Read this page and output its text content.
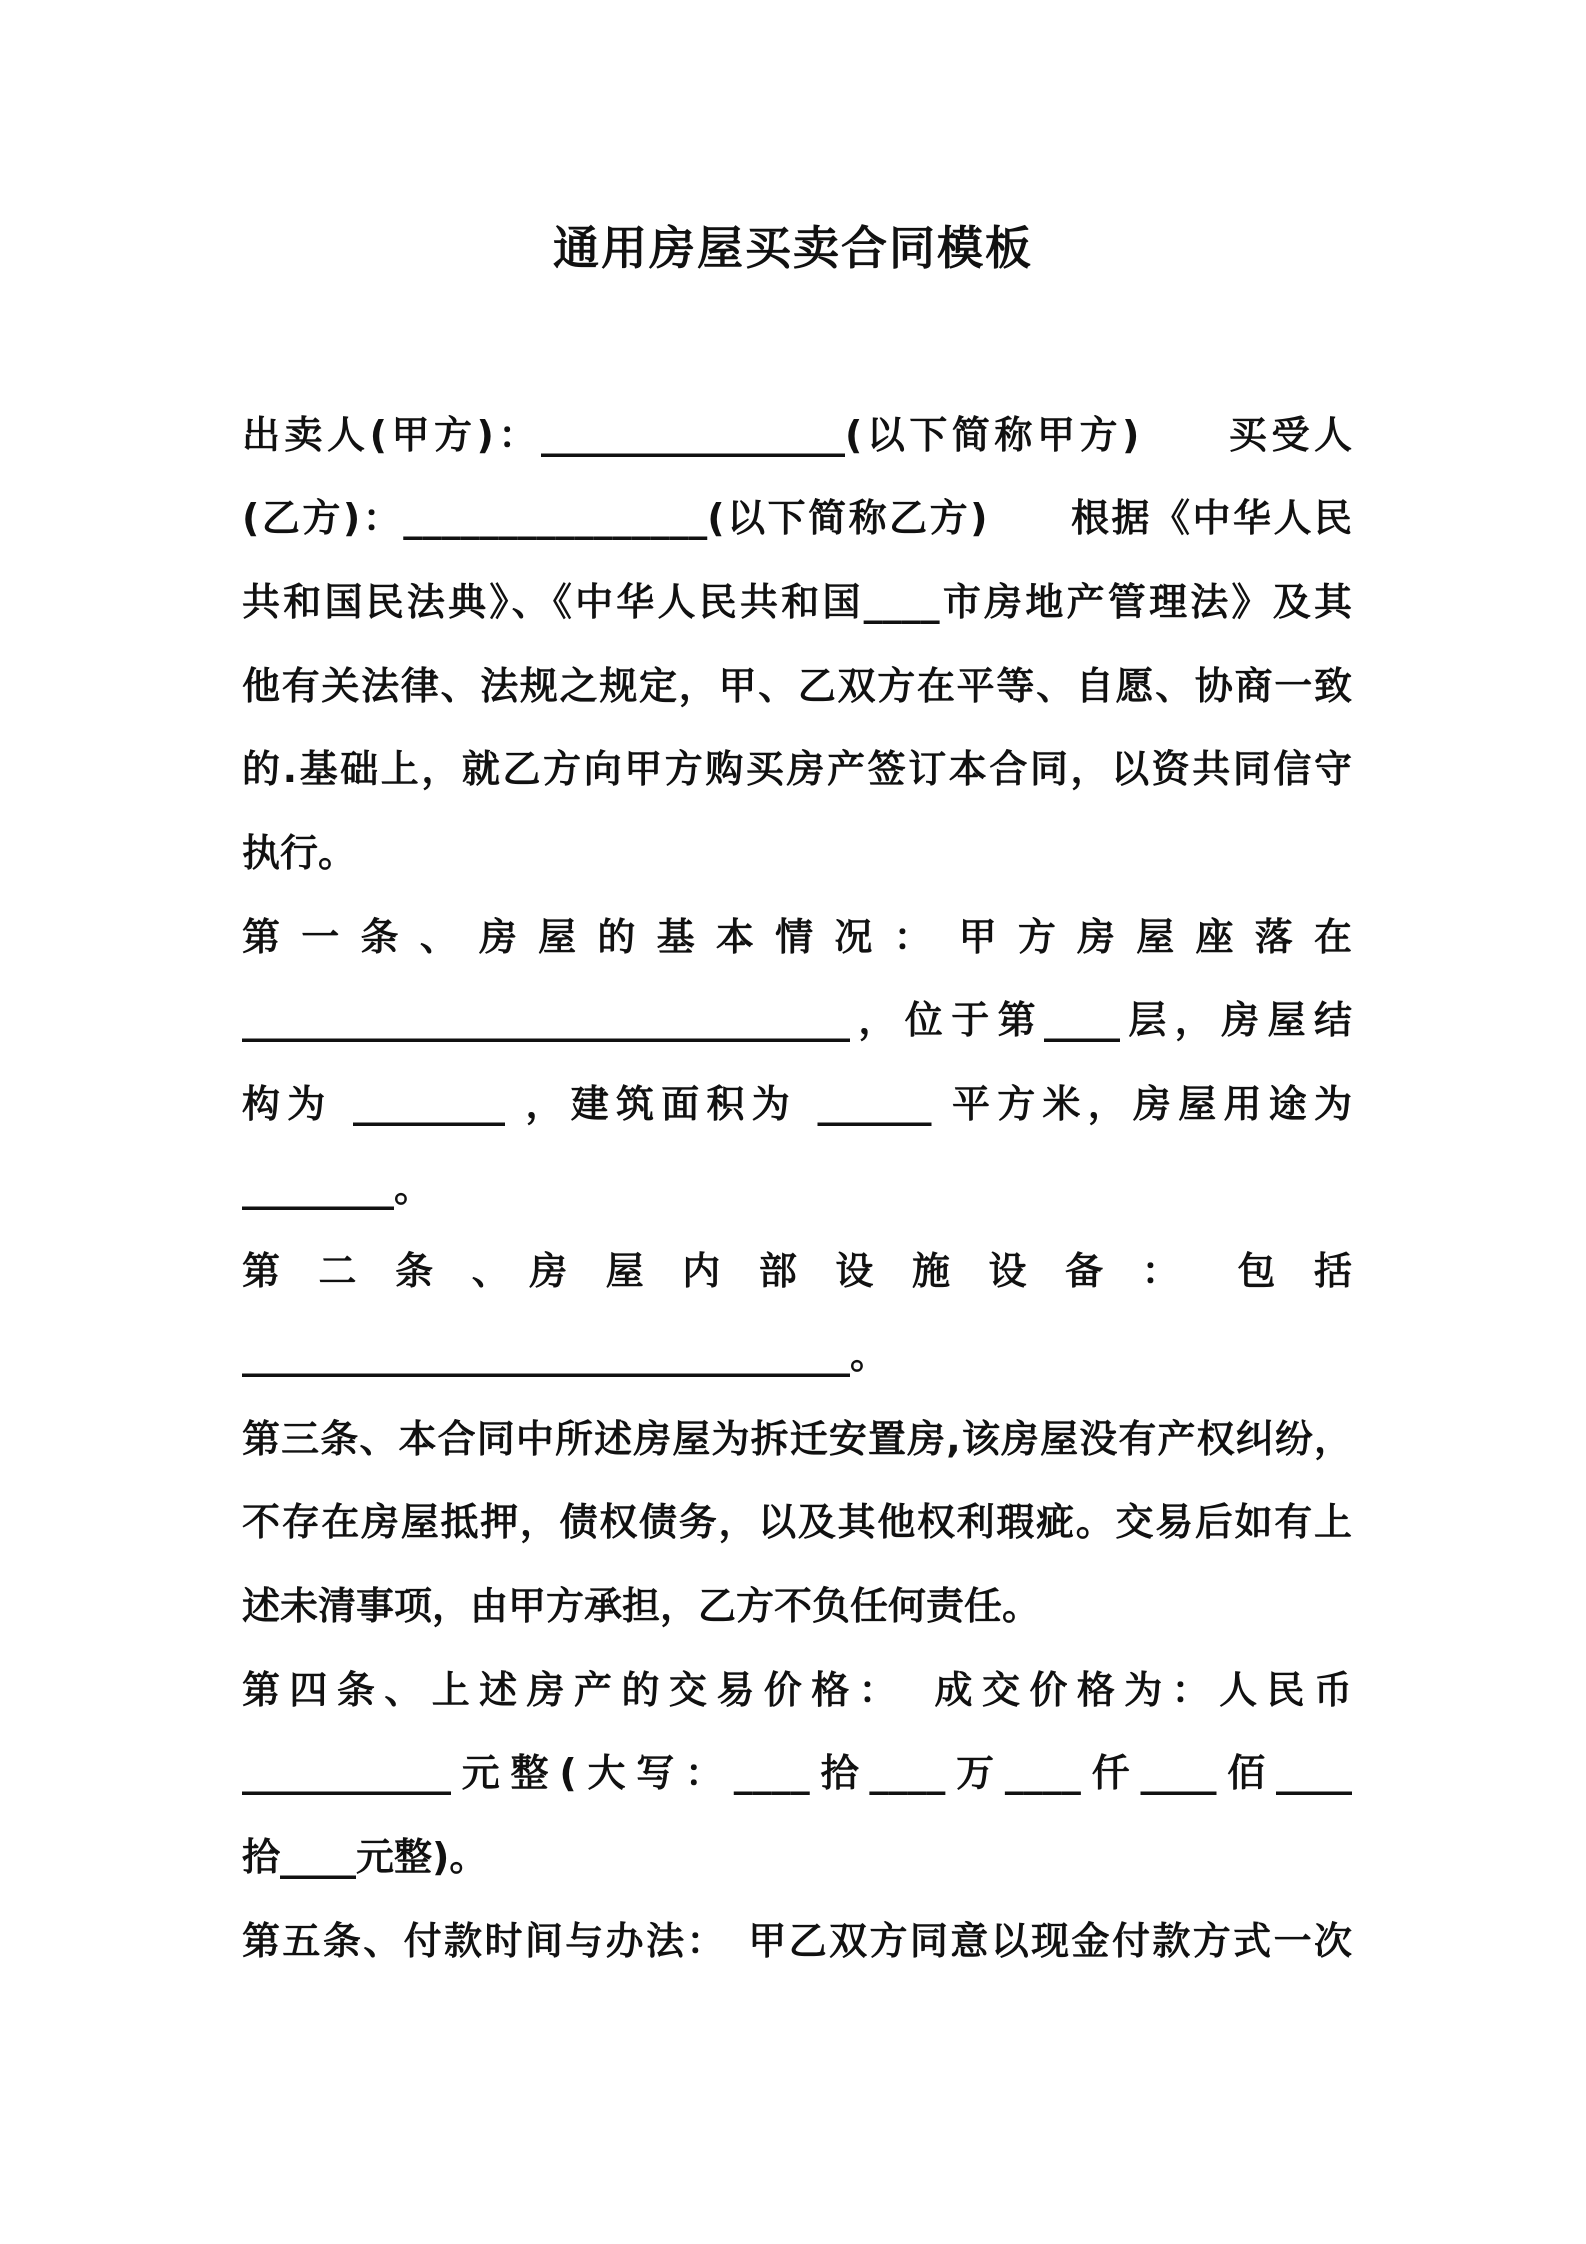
通用房屋买卖合同模板
出卖人(甲方)：________________(以下简称甲方)　　买受人
(乙方)：________________(以下简称乙方)　　根据《中华人民
共和国民法典》、《中华人民共和国____市房地产管理法》及其
他有关法律、法规之规定，甲、乙双方在平等、自愿、协商一致
的.基础上，就乙方向甲方购买房产签订本合同，以资共同信守
执行。
第 一 条 、 房 屋 的 基 本 情 况 ：　甲 方 房 屋 座 落 在
________________________________，位于第____层，房屋结
构为 ________ ，建筑面积为 ______ 平方米，房屋用途为
________。
第　二　条　、　房　屋　内　部　设　施　设　备　：　　包　括
________________________________。
第三条、本合同中所述房屋为拆迁安置房,该房屋没有产权纠纷，
不存在房屋抵押，债权债务，以及其他权利瑕疵。交易后如有上
述未清事项，由甲方承担，乙方不负任何责任。
第四条、上述房产的交易价格：　成交价格为：人民币
___________元整(大写：____拾____万____仟____佰____
拾____元整)。
第五条、付款时间与办法：　甲乙双方同意以现金付款方式一次
